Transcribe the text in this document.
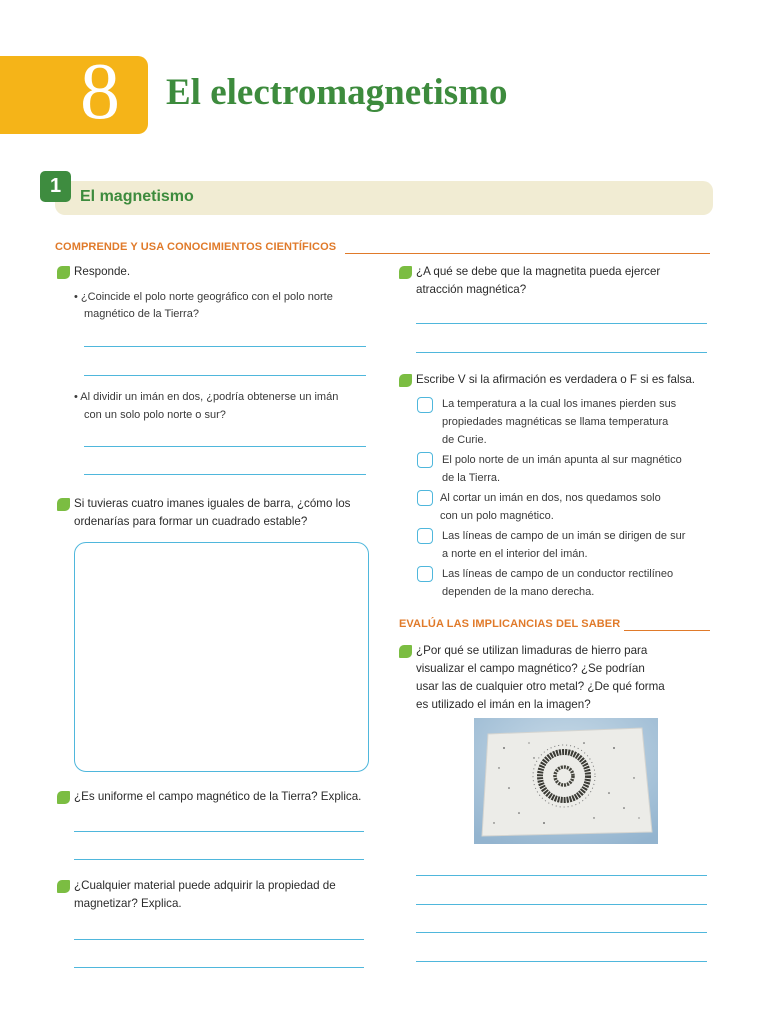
8 El electromagnetismo
1	El magnetismo
COMPRENDE Y USA CONOCIMIENTOS CIENTÍFICOS
Responde.
• ¿Coincide el polo norte geográfico con el polo norte
magnético de la Tierra?
• Al dividir un imán en dos, ¿podría obtenerse un imán
con un solo polo norte o sur?
Si tuvieras cuatro imanes iguales de barra, ¿cómo los
ordenarías para formar un cuadrado estable?
¿Es uniforme el campo magnético de la Tierra? Explica.
¿Cualquier material puede adquirir la propiedad de
magnetizar? Explica.
¿A qué se debe que la magnetita pueda ejercer
atracción magnética?
Escribe V si la afirmación es verdadera o F si es falsa.
La temperatura a la cual los imanes pierden sus
propiedades magnéticas se llama temperatura
de Curie.
El polo norte de un imán apunta al sur magnético
de la Tierra.
Al cortar un imán en dos, nos quedamos solo
con un polo magnético.
Las líneas de campo de un imán se dirigen de sur
a norte en el interior del imán.
Las líneas de campo de un conductor rectilíneo
dependen de la mano derecha.
EVALÚA LAS IMPLICANCIAS DEL SABER
¿Por qué se utilizan limaduras de hierro para
visualizar el campo magnético? ¿Se podrían
usar las de cualquier otro metal? ¿De qué forma
es utilizado el imán en la imagen?
